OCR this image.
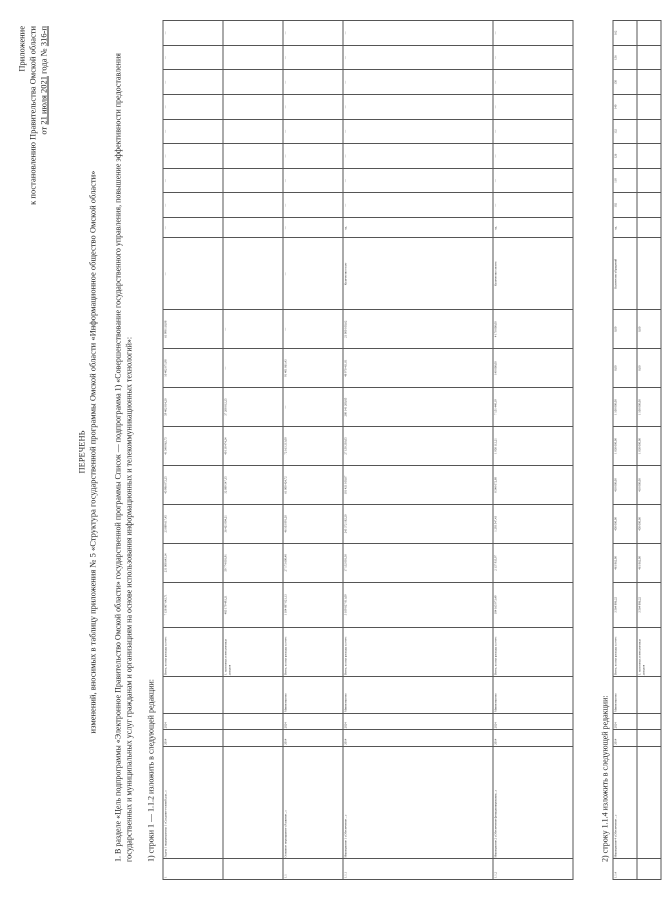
Приложение к постановлению Правительства Омской области от 21 июля 2021 года № 316-п
ПЕРЕЧЕНЬ изменений, вносимых в таблицу приложения № 5 «Структура государственной программы Омской области «Информационное общество Омской области» 1. В разделе «Цель подпрограммы «Электронное Правительство Омской области» государственной программы Список — подпрограмма 1) «Совершенствование государственного управления, повышение эффективности предоставления государственных и муниципальных услуг гражданам и организациям на основе использования информационных и телекоммуникационных технологий»: 1) строки 1 — 1.1.2 изложить в следующей редакции:
1	Задача 1 подпрограммы 1 «Создание условий для...»	2014	2024		Всего, из них расходы за счет:	7 158 807 642,71	231 008 643,14	23 089 617,45	45 986 072,25	41 548 962,75	59 402 014,20	10 402 071,98	61 998 118,98	—	—	—	—	—	—	—	—	—	—
					1. налоговых и неналоговых доходов	483 179 493,21	59 774 001,91	36 421 004,21	32 089 547,35	40 118 474,24	37 208 012,25	—	—										
1.1	Основное мероприятие «Развитие...»	2014	2024	Министерство	Всего, из них расходы за счет:	1 104 887 021,13	27 173 600,48	46 103 891,20	61 000 424,72	72 163 213,00	—	91 401 061,43	—	—	—	—	—	—	—	—	—	—	—
1.1.1	Мероприятие 1 «Обеспечение ...»	2014	2024	Министерство	Всего, из них расходы за счет:	3 109 027 811,09	17 132 001,30	243 372 182,20	101 421 100,07	27 150 203,05	280 141 200,85	48 970 411,81	21 000 100,62	Количество услуг	ед.	—	—	—	—	—	—	—	—
1.1.2	Мероприятие 2 «Обеспечение функционирования...»	2014	2024	Министерство	Всего, из них расходы за счет:	184 165 973,49	2 137 933,97	1 293 547,43	8 540 072,88	1 950 112,21	7 151 440,19	140 000,00	4 170 000,00	Количество систем	ед.	—	—	—	—	—	—	—	—
2) строку 1.1.4 изложить в следующей редакции:
1.1.4	Мероприятие 4 «Обеспечение ...»	2014	2024	Министерство	Всего, из них расходы за счет:	3 564 886,22	461 862,00	450 000,00	410 000,00	1 030 000,00	1 100 000,00	0,00	0,00	Количество обращений	ед.	102	118	126	132	140	150	156	162
					1. налоговых и неналоговых доходов	3 564 886,22	461 862,00	450 000,00	410 000,00	1 030 000,00	1 100 000,00	0,00	0,00										
